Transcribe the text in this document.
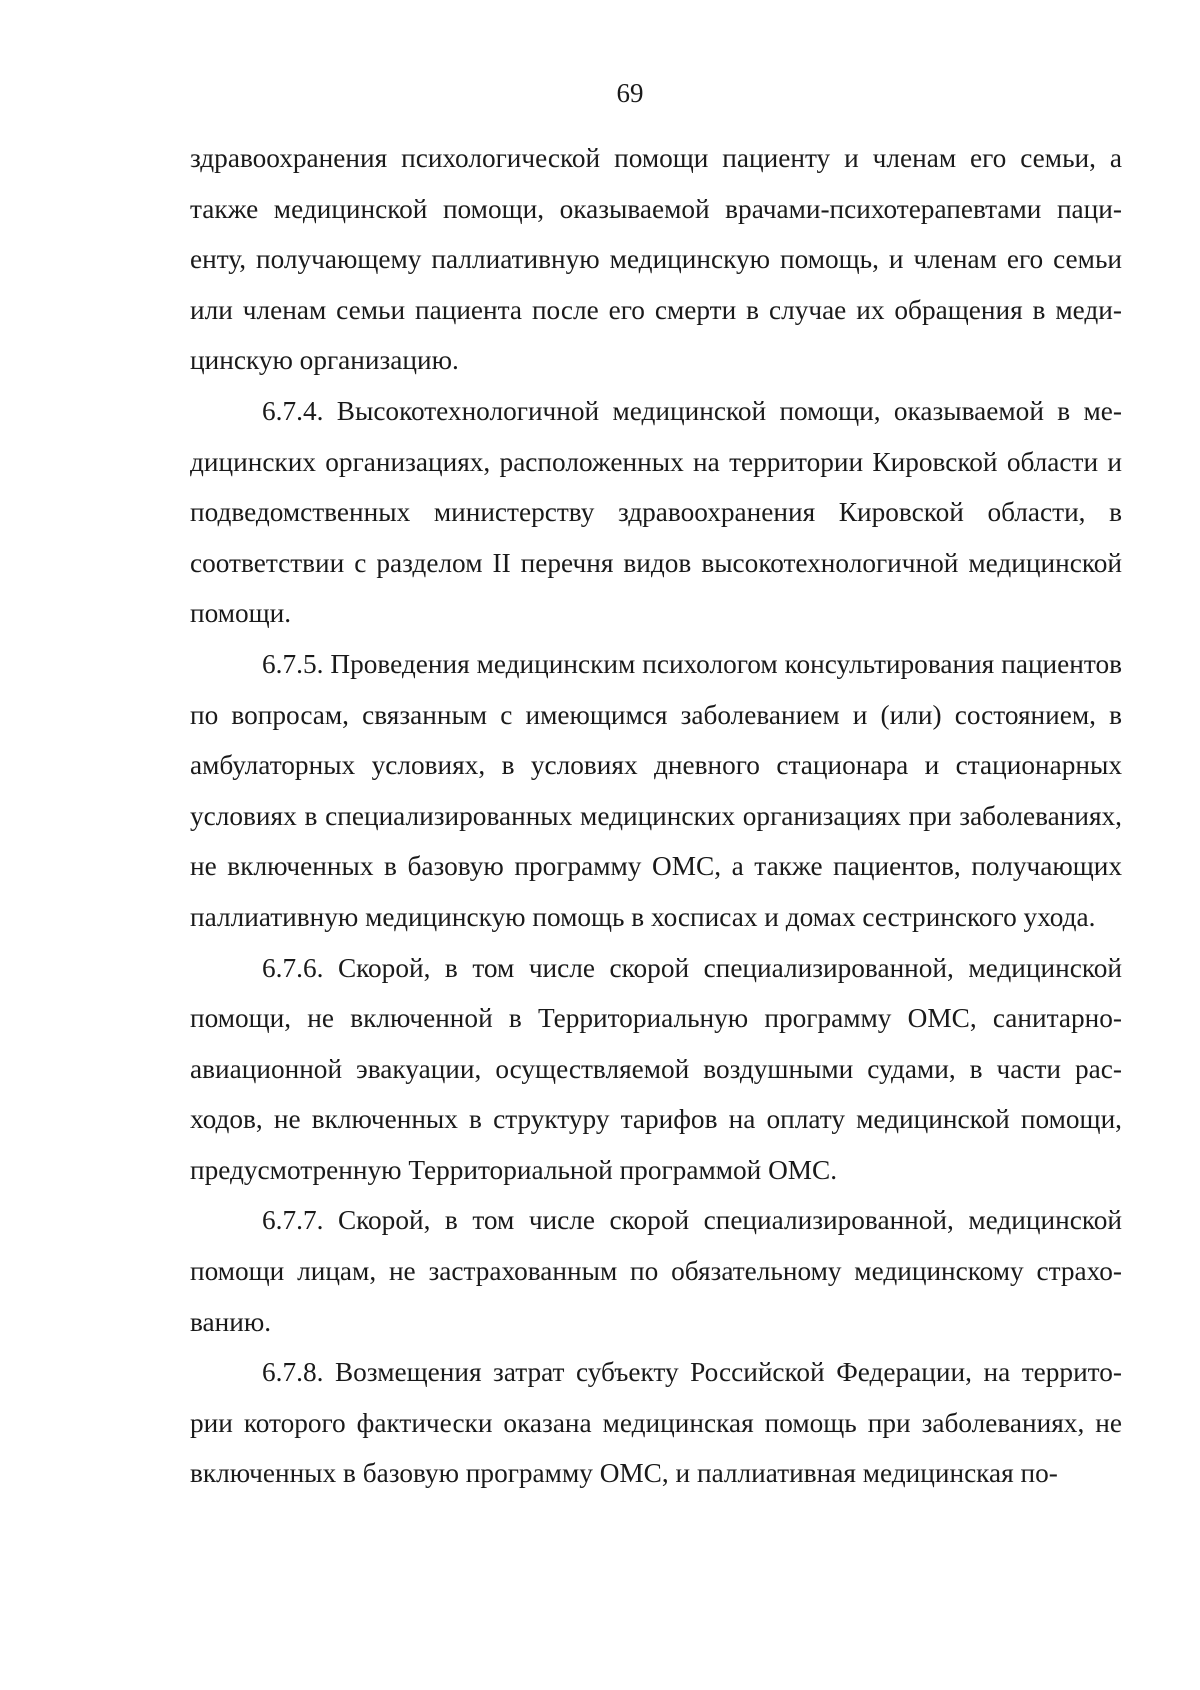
69

здравоохранения психологической помощи пациенту и членам его семьи, а также медицинской помощи, оказываемой врачами-психотерапевтами пациенту, получающему паллиативную медицинскую помощь, и членам его семьи или членам семьи пациента после его смерти в случае их обращения в медицинскую организацию.

6.7.4. Высокотехнологичной медицинской помощи, оказываемой в медицинских организациях, расположенных на территории Кировской области и подведомственных министерству здравоохранения Кировской области, в соответствии с разделом II перечня видов высокотехнологичной медицинской помощи.

6.7.5. Проведения медицинским психологом консультирования пациентов по вопросам, связанным с имеющимся заболеванием и (или) состоянием, в амбулаторных условиях, в условиях дневного стационара и стационарных условиях в специализированных медицинских организациях при заболеваниях, не включенных в базовую программу ОМС, а также пациентов, получающих паллиативную медицинскую помощь в хосписах и домах сестринского ухода.

6.7.6. Скорой, в том числе скорой специализированной, медицинской помощи, не включенной в Территориальную программу ОМС, санитарно-авиационной эвакуации, осуществляемой воздушными судами, в части расходов, не включенных в структуру тарифов на оплату медицинской помощи, предусмотренную Территориальной программой ОМС.

6.7.7. Скорой, в том числе скорой специализированной, медицинской помощи лицам, не застрахованным по обязательному медицинскому страхованию.

6.7.8. Возмещения затрат субъекту Российской Федерации, на территории которого фактически оказана медицинская помощь при заболеваниях, не включенных в базовую программу ОМС, и паллиативная медицинская по-
